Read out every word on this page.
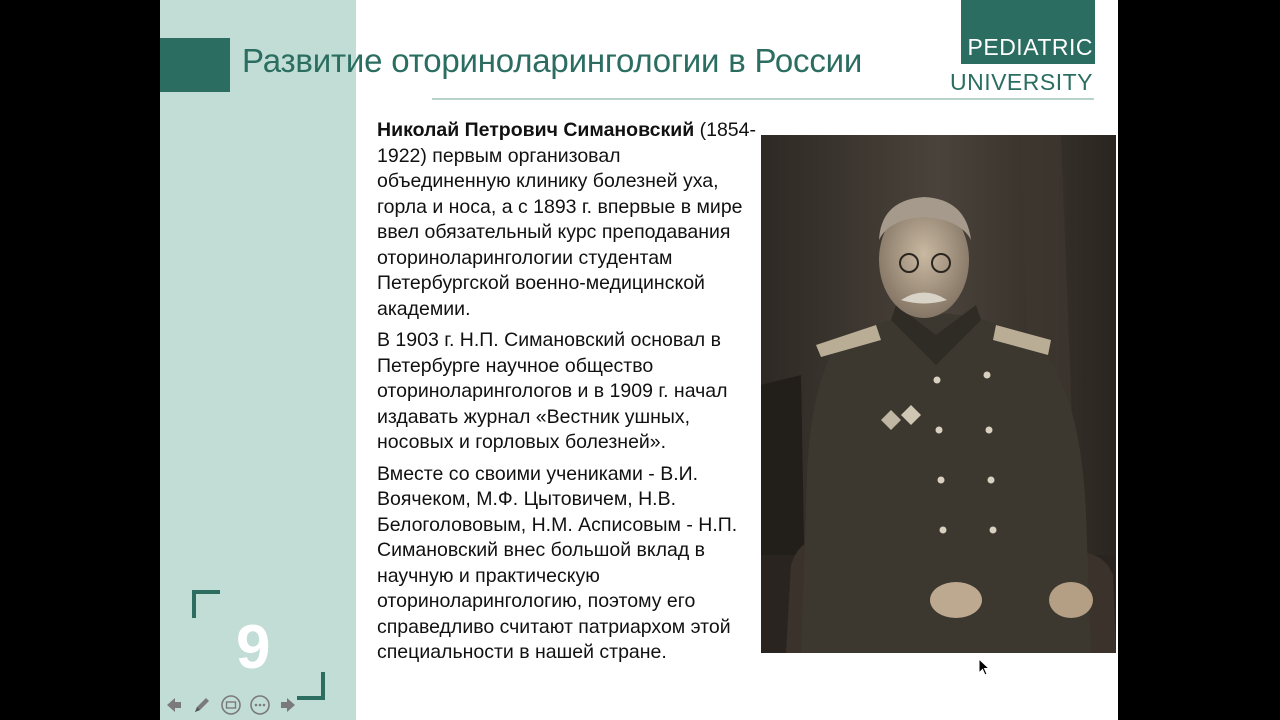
Развитие оториноларингологии в России	PEDIATRIC
UNIVERSITY

Николай Петрович Симановский (1854-1922) первым организовал объединенную клинику болезней уха, горла и носа, а с 1893 г. впервые в мире ввел обязательный курс преподавания оториноларингологии студентам Петербургской военно-медицинской академии.

В 1903 г. Н.П. Симановский основал в Петербурге научное общество оториноларингологов и в 1909 г. начал издавать журнал «Вестник ушных, носовых и горловых болезней».

Вместе со своими учениками - В.И. Воячеком, М.Ф. Цытовичем, Н.В. Белоголововым, Н.М. Асписовым - Н.П. Симановский внес большой вклад в научную и практическую оториноларингологию, поэтому его справедливо считают патриархом этой специальности в нашей стране.

9
